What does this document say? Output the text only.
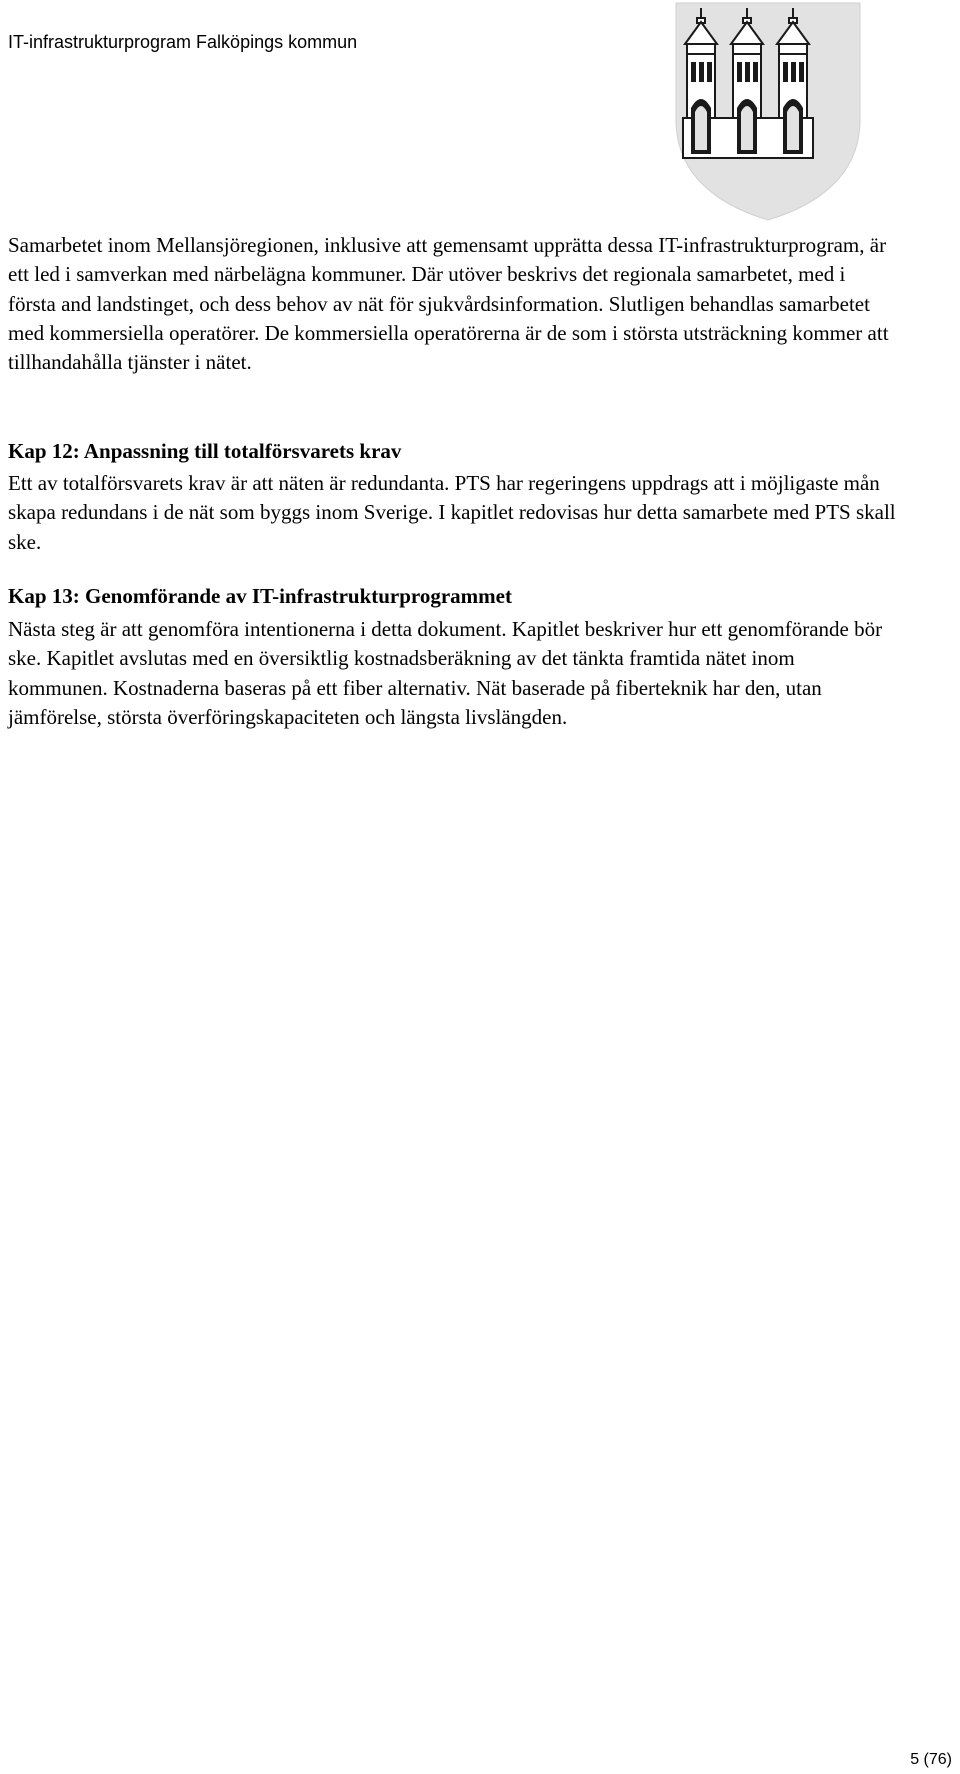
IT-infrastrukturprogram Falköpings kommun

Samarbetet inom Mellansjöregionen, inklusive att gemensamt upprätta dessa IT-infrastrukturprogram, är ett led i samverkan med närbelägna kommuner. Där utöver beskrivs det regionala samarbetet, med i första and landstinget, och dess behov av nät för sjukvårdsinformation. Slutligen behandlas samarbetet med kommersiella operatörer. De kommersiella operatörerna är de som i största utsträckning kommer att tillhandahålla tjänster i nätet.

Kap 12: Anpassning till totalförsvarets krav

Ett av totalförsvarets krav är att näten är redundanta. PTS har regeringens uppdrags att i möjligaste mån skapa redundans i de nät som byggs inom Sverige. I kapitlet redovisas hur detta samarbete med PTS skall ske.

Kap 13: Genomförande av IT-infrastrukturprogrammet

Nästa steg är att genomföra intentionerna i detta dokument. Kapitlet beskriver hur ett genomförande bör ske. Kapitlet avslutas med en översiktlig kostnadsberäkning av det tänkta framtida nätet inom kommunen. Kostnaderna baseras på ett fiber alternativ. Nät baserade på fiberteknik har den, utan jämförelse, största överföringskapaciteten och längsta livslängden.

5 (76)
